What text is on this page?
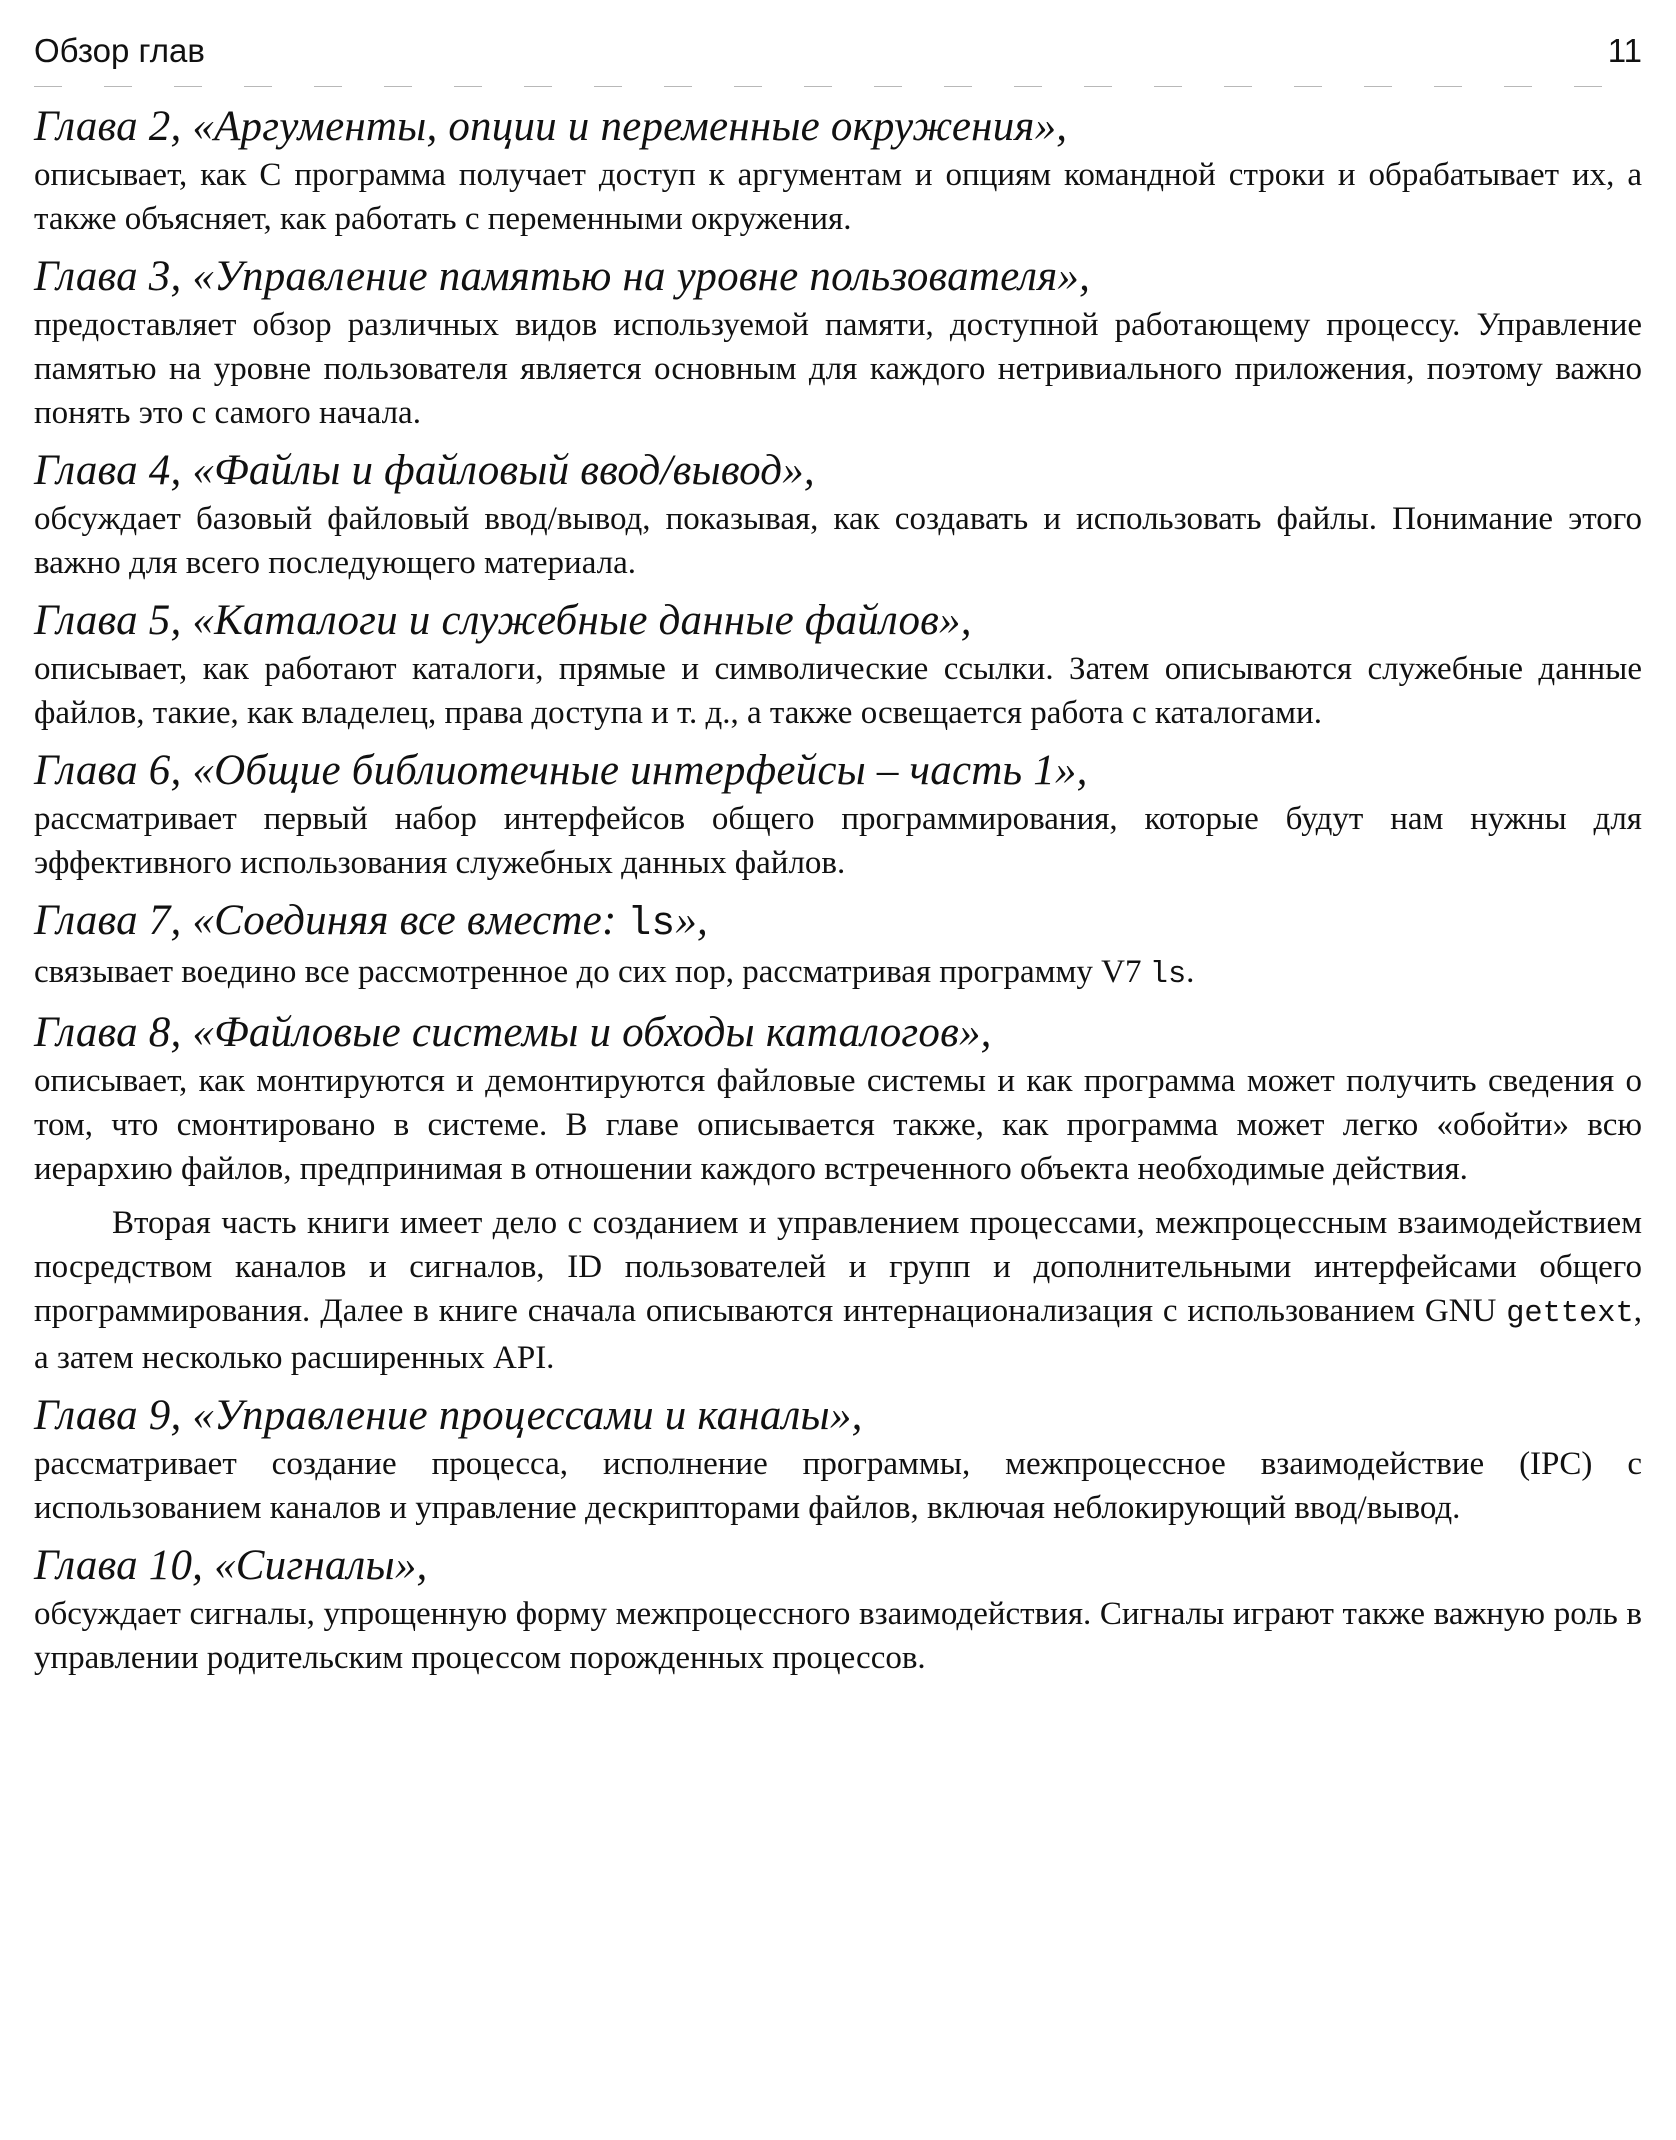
Обзор глав	11
Глава 2, «Аргументы, опции и переменные окружения»,
описывает, как C программа получает доступ к аргументам и опциям командной строки и обрабатывает их, а также объясняет, как работать с переменными окружения.
Глава 3, «Управление памятью на уровне пользователя»,
предоставляет обзор различных видов используемой памяти, доступной работающему процессу. Управление памятью на уровне пользователя является основным для каждого нетривиального приложения, поэтому важно понять это с самого начала.
Глава 4, «Файлы и файловый ввод/вывод»,
обсуждает базовый файловый ввод/вывод, показывая, как создавать и использовать файлы. Понимание этого важно для всего последующего материала.
Глава 5, «Каталоги и служебные данные файлов»,
описывает, как работают каталоги, прямые и символические ссылки. Затем описываются служебные данные файлов, такие, как владелец, права доступа и т. д., а также освещается работа с каталогами.
Глава 6, «Общие библиотечные интерфейсы – часть 1»,
рассматривает первый набор интерфейсов общего программирования, которые будут нам нужны для эффективного использования служебных данных файлов.
Глава 7, «Соединяя все вместе: ls»,
связывает воедино все рассмотренное до сих пор, рассматривая программу V7 ls.
Глава 8, «Файловые системы и обходы каталогов»,
описывает, как монтируются и демонтируются файловые системы и как программа может получить сведения о том, что смонтировано в системе. В главе описывается также, как программа может легко «обойти» всю иерархию файлов, предпринимая в отношении каждого встреченного объекта необходимые действия.

Вторая часть книги имеет дело с созданием и управлением процессами, межпроцессным взаимодействием посредством каналов и сигналов, ID пользователей и групп и дополнительными интерфейсами общего программирования. Далее в книге сначала описываются интернационализация с использованием GNU gettext, а затем несколько расширенных API.

Глава 9, «Управление процессами и каналы»,
рассматривает создание процесса, исполнение программы, межпроцессное взаимодействие (IPC) с использованием каналов и управление дескрипторами файлов, включая неблокирующий ввод/вывод.
Глава 10, «Сигналы»,
обсуждает сигналы, упрощенную форму межпроцессного взаимодействия. Сигналы играют также важную роль в управлении родительским процессом порожденных процессов.
